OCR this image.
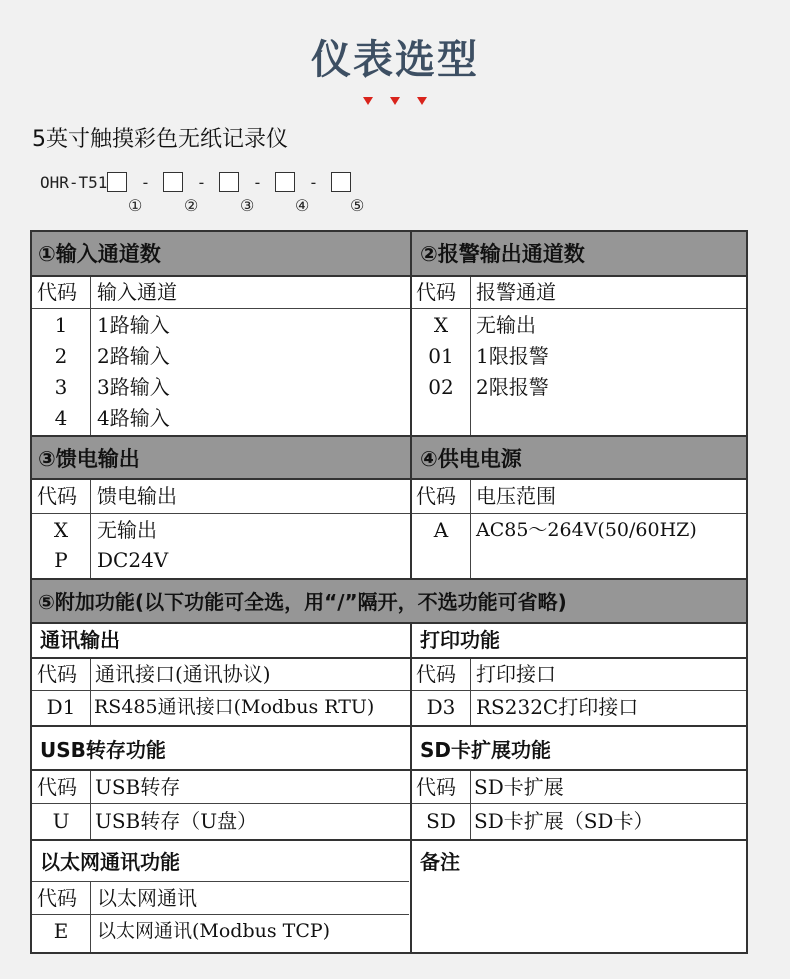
仪表选型

5英寸触摸彩色无纸记录仪
OHR-T51	-	-	-	-
①	②	③	④	⑤
①输入通道数
代码 输入通道
1	1路输入
2	2路输入
3	3路输入
4	4路输入
②报警输出通道数
代码 报警通道
X	无输出
01	1限报警
02	2限报警
③馈电输出
代码 馈电输出
X	无输出
P	DC24V
④供电电源
代码 电压范围
A	AC85～264V(50/60HZ)
⑤附加功能(以下功能可全选，用“/”隔开，不选功能可省略)
通讯输出
代码 通讯接口(通讯协议)
D1 RS485通讯接口(Modbus RTU)
打印功能
代码 打印接口
D3	RS232C打印接口
USB转存功能
代码 USB转存
U	USB转存（U盘）
SD卡扩展功能
代码 SD卡扩展
SD SD卡扩展（SD卡）
以太网通讯功能
代码 以太网通讯
E	以太网通讯(Modbus TCP)
备注
